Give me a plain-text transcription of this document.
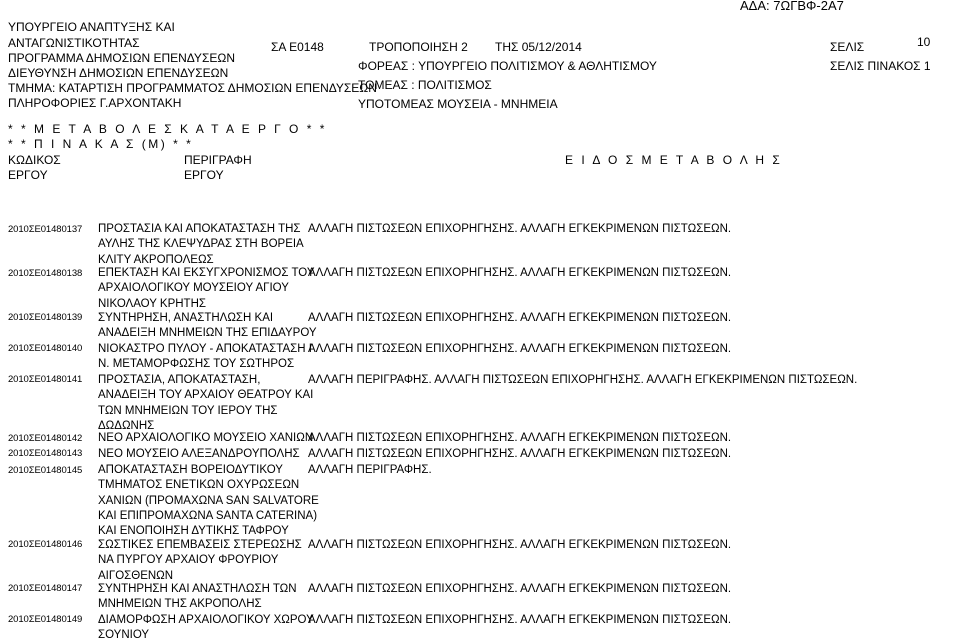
ΑΔΑ: 7ΩΓΒΦ-2Α7
ΥΠΟΥΡΓΕΙΟ ΑΝΑΠΤΥΞΗΣ ΚΑΙ
ΑΝΤΑΓΩΝΙΣΤΙΚΟΤΗΤΑΣ
ΠΡΟΓΡΑΜΜΑ ΔΗΜΟΣΙΩΝ ΕΠΕΝΔΥΣΕΩΝ
ΔΙΕΥΘΥΝΣΗ ΔΗΜΟΣΙΩΝ ΕΠΕΝΔΥΣΕΩΝ
ΤΜΗΜΑ: ΚΑΤΑΡΤΙΣΗ ΠΡΟΓΡΑΜΜΑΤΟΣ ΔΗΜΟΣΙΩΝ ΕΠΕΝΔΥΣΕΩΝ
ΠΛΗΡΟΦΟΡΙΕΣ Γ.ΑΡΧΟΝΤΑΚΗ
ΣΑ Ε0148	ΤΡΟΠΟΠΟΙΗΣΗ 2 ΤΗΣ 05/12/2014	ΣΕΛΙΣ	10
ΦΟΡΕΑΣ : ΥΠΟΥΡΓΕΙΟ ΠΟΛΙΤΙΣΜΟΥ & ΑΘΛΗΤΙΣΜΟΥ	ΣΕΛΙΣ ΠΙΝΑΚΟΣ 1
ΤΟΜΕΑΣ : ΠΟΛΙΤΙΣΜΟΣ
ΥΠΟΤΟΜΕΑΣ ΜΟΥΣΕΙΑ - ΜΝΗΜΕΙΑ
* * Μ Ε Τ Α Β Ο Λ Ε Σ Κ Α Τ Α Ε Ρ Γ Ο * *
* * Π Ι Ν Α Κ Α Σ (Μ) * *
ΚΩΔΙΚΟΣ
ΕΡΓΟΥ
ΠΕΡΙΓΡΑΦΗ
ΕΡΓΟΥ
Ε Ι Δ Ο Σ Μ Ε Τ Α Β Ο Λ Η Σ
2010ΣΕ01480137 ΠΡΟΣΤΑΣΙΑ ΚΑΙ ΑΠΟΚΑΤΑΣΤΑΣΗ ΤΗΣ
ΑΥΛΗΣ ΤΗΣ ΚΛΕΨΥΔΡΑΣ ΣΤΗ ΒΟΡΕΙΑ
ΚΛΙΤΥ ΑΚΡΟΠΟΛΕΩΣ
ΑΛΛΑΓΗ ΠΙΣΤΩΣΕΩΝ ΕΠΙΧΟΡΗΓΗΣΗΣ. ΑΛΛΑΓΗ ΕΓΚΕΚΡΙΜΕΝΩΝ ΠΙΣΤΩΣΕΩΝ.
2010ΣΕ01480138 ΕΠΕΚΤΑΣΗ ΚΑΙ ΕΚΣΥΓΧΡΟΝΙΣΜΟΣ ΤΟΥ
ΑΡΧΑΙΟΛΟΓΙΚΟΥ ΜΟΥΣΕΙΟΥ ΑΓΙΟΥ
ΝΙΚΟΛΑΟΥ ΚΡΗΤΗΣ
ΑΛΛΑΓΗ ΠΙΣΤΩΣΕΩΝ ΕΠΙΧΟΡΗΓΗΣΗΣ. ΑΛΛΑΓΗ ΕΓΚΕΚΡΙΜΕΝΩΝ ΠΙΣΤΩΣΕΩΝ.
2010ΣΕ01480139 ΣΥΝΤΗΡΗΣΗ, ΑΝΑΣΤΗΛΩΣΗ ΚΑΙ
ΑΝΑΔΕΙΞΗ ΜΝΗΜΕΙΩΝ ΤΗΣ ΕΠΙΔΑΥΡΟΥ
ΑΛΛΑΓΗ ΠΙΣΤΩΣΕΩΝ ΕΠΙΧΟΡΗΓΗΣΗΣ. ΑΛΛΑΓΗ ΕΓΚΕΚΡΙΜΕΝΩΝ ΠΙΣΤΩΣΕΩΝ.
2010ΣΕ01480140 ΝΙΟΚΑΣΤΡΟ ΠΥΛΟΥ - ΑΠΟΚΑΤΑΣΤΑΣΗ Ι
Ν. ΜΕΤΑΜΟΡΦΩΣΗΣ ΤΟΥ ΣΩΤΗΡΟΣ
ΑΛΛΑΓΗ ΠΙΣΤΩΣΕΩΝ ΕΠΙΧΟΡΗΓΗΣΗΣ. ΑΛΛΑΓΗ ΕΓΚΕΚΡΙΜΕΝΩΝ ΠΙΣΤΩΣΕΩΝ.
2010ΣΕ01480141 ΠΡΟΣΤΑΣΙΑ, ΑΠΟΚΑΤΑΣΤΑΣΗ,
ΑΝΑΔΕΙΞΗ ΤΟΥ ΑΡΧΑΙΟΥ ΘΕΑΤΡΟΥ ΚΑΙ
ΤΩΝ ΜΝΗΜΕΙΩΝ ΤΟΥ ΙΕΡΟΥ ΤΗΣ
ΔΩΔΩΝΗΣ
ΑΛΛΑΓΗ ΠΕΡΙΓΡΑΦΗΣ. ΑΛΛΑΓΗ ΠΙΣΤΩΣΕΩΝ ΕΠΙΧΟΡΗΓΗΣΗΣ. ΑΛΛΑΓΗ ΕΓΚΕΚΡΙΜΕΝΩΝ ΠΙΣΤΩΣΕΩΝ.
2010ΣΕ01480142 ΝΕΟ ΑΡΧΑΙΟΛΟΓΙΚΟ ΜΟΥΣΕΙΟ ΧΑΝΙΩΝ
ΑΛΛΑΓΗ ΠΙΣΤΩΣΕΩΝ ΕΠΙΧΟΡΗΓΗΣΗΣ. ΑΛΛΑΓΗ ΕΓΚΕΚΡΙΜΕΝΩΝ ΠΙΣΤΩΣΕΩΝ.
2010ΣΕ01480143 ΝΕΟ ΜΟΥΣΕΙΟ ΑΛΕΞΑΝΔΡΟΥΠΟΛΗΣ ΑΛΛΑΓΗ ΠΙΣΤΩΣΕΩΝ ΕΠΙΧΟΡΗΓΗΣΗΣ. ΑΛΛΑΓΗ ΕΓΚΕΚΡΙΜΕΝΩΝ ΠΙΣΤΩΣΕΩΝ.
2010ΣΕ01480145 ΑΠΟΚΑΤΑΣΤΑΣΗ ΒΟΡΕΙΟΔΥΤΙΚΟΥ
ΤΜΗΜΑΤΟΣ ΕΝΕΤΙΚΩΝ ΟΧΥΡΩΣΕΩΝ
ΧΑΝΙΩΝ (ΠΡΟΜΑΧΩΝΑ SAN SALVATORE
ΚΑΙ ΕΠΙΠΡΟΜΑΧΩΝΑ SANTA CATERINA)
ΚΑΙ ΕΝΟΠΟΙΗΣΗ ΔΥΤΙΚΗΣ ΤΑΦΡΟΥ
ΑΛΛΑΓΗ ΠΕΡΙΓΡΑΦΗΣ.
2010ΣΕ01480146 ΣΩΣΤΙΚΕΣ ΕΠΕΜΒΑΣΕΙΣ ΣΤΕΡΕΩΣΗΣ
ΝΑ ΠΥΡΓΟΥ ΑΡΧΑΙΟΥ ΦΡΟΥΡΙΟΥ
ΑΙΓΟΣΘΕΝΩΝ
ΑΛΛΑΓΗ ΠΙΣΤΩΣΕΩΝ ΕΠΙΧΟΡΗΓΗΣΗΣ. ΑΛΛΑΓΗ ΕΓΚΕΚΡΙΜΕΝΩΝ ΠΙΣΤΩΣΕΩΝ.
2010ΣΕ01480147 ΣΥΝΤΗΡΗΣΗ ΚΑΙ ΑΝΑΣΤΗΛΩΣΗ ΤΩΝ
ΜΝΗΜΕΙΩΝ ΤΗΣ ΑΚΡΟΠΟΛΗΣ
ΑΛΛΑΓΗ ΠΙΣΤΩΣΕΩΝ ΕΠΙΧΟΡΗΓΗΣΗΣ. ΑΛΛΑΓΗ ΕΓΚΕΚΡΙΜΕΝΩΝ ΠΙΣΤΩΣΕΩΝ.
2010ΣΕ01480149 ΔΙΑΜΟΡΦΩΣΗ ΑΡΧΑΙΟΛΟΓΙΚΟΥ ΧΩΡΟΥ
ΣΟΥΝΙΟΥ
ΑΛΛΑΓΗ ΠΙΣΤΩΣΕΩΝ ΕΠΙΧΟΡΗΓΗΣΗΣ. ΑΛΛΑΓΗ ΕΓΚΕΚΡΙΜΕΝΩΝ ΠΙΣΤΩΣΕΩΝ.
